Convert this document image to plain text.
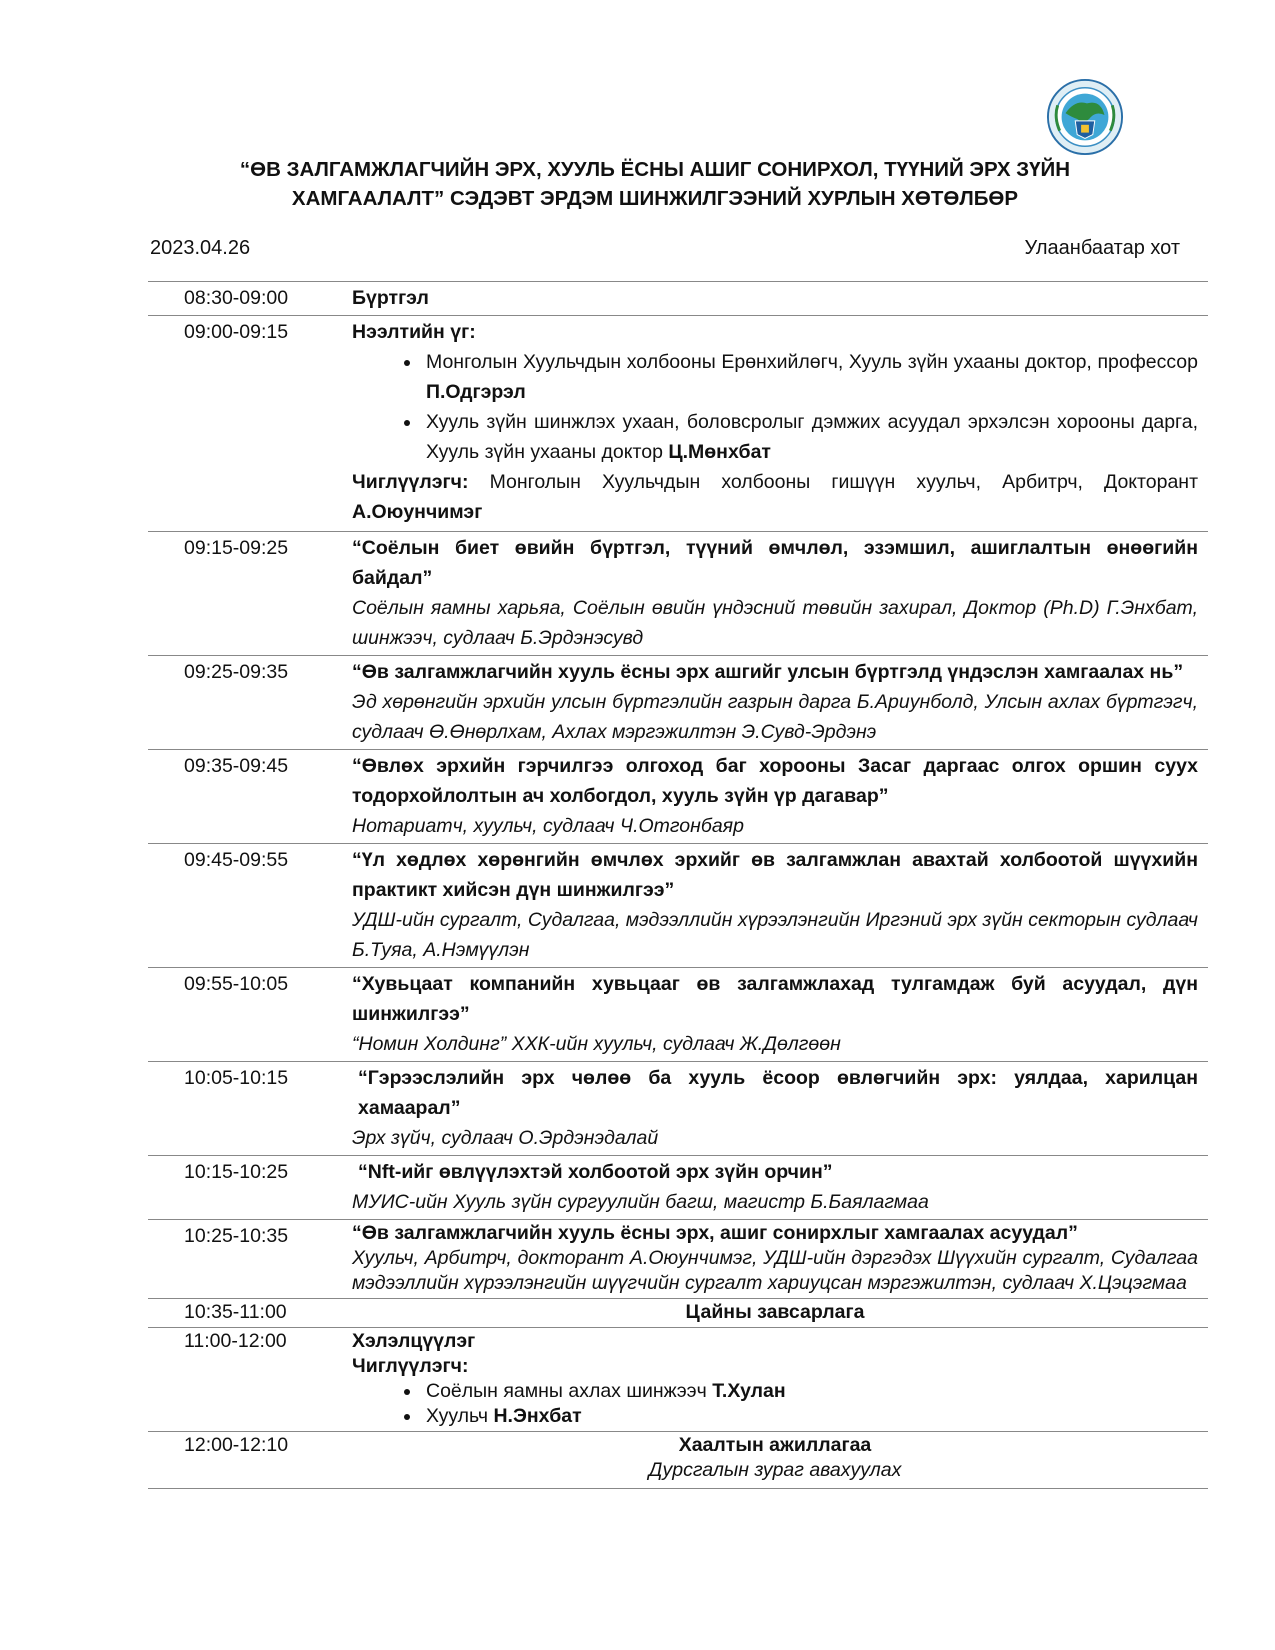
“ӨВ ЗАЛГАМЖЛАГЧИЙН ЭРХ, ХУУЛЬ ЁСНЫ АШИГ СОНИРХОЛ, ТҮҮНИЙ ЭРХ ЗҮЙН
ХАМГААЛАЛТ” СЭДЭВТ ЭРДЭМ ШИНЖИЛГЭЭНИЙ ХУРЛЫН ХӨТӨЛБӨР
2023.04.26	Улаанбаатар хот
08:30-09:00	Бүртгэл
09:00-09:15	Нээлтийн үг:
• Монголын Хуульчдын холбооны Ерөнхийлөгч, Хууль зүйн ухааны доктор, профессор П.Одгэрэл
• Хууль зүйн шинжлэх ухаан, боловсролыг дэмжих асуудал эрхэлсэн хорооны дарга, Хууль зүйн ухааны доктор Ц.Мөнхбат
Чиглүүлэгч: Монголын Хуульчдын холбооны гишүүн хуульч, Арбитрч, Докторант А.Оюунчимэг
09:15-09:25	“Соёлын биет өвийн бүртгэл, түүний өмчлөл, эзэмшил, ашиглалтын өнөөгийн байдал”
Соёлын яамны харьяа, Соёлын өвийн үндэсний төвийн захирал, Доктор (Ph.D) Г.Энхбат, шинжээч, судлаач Б.Эрдэнэсувд
09:25-09:35	“Өв залгамжлагчийн хууль ёсны эрх ашгийг улсын бүртгэлд үндэслэн хамгаалах нь”
Эд хөрөнгийн эрхийн улсын бүртгэлийн газрын дарга Б.Ариунболд, Улсын ахлах бүртгэгч, судлаач Ө.Өнөрлхам, Ахлах мэргэжилтэн Э.Сувд-Эрдэнэ
09:35-09:45	“Өвлөх эрхийн гэрчилгээ олгоход баг хорооны Засаг даргаас олгох оршин суух тодорхойлолтын ач холбогдол, хууль зүйн үр дагавар”
Нотариатч, хуульч, судлаач Ч.Отгонбаяр
09:45-09:55	“Үл хөдлөх хөрөнгийн өмчлөх эрхийг өв залгамжлан авахтай холбоотой шүүхийн практикт хийсэн дүн шинжилгээ”
УДШ-ийн сургалт, Судалгаа, мэдээллийн хүрээлэнгийн Иргэний эрх зүйн секторын судлаач Б.Туяа, А.Нэмүүлэн
09:55-10:05	“Хувьцаат компанийн хувьцааг өв залгамжлахад тулгамдаж буй асуудал, дүн шинжилгээ”
“Номин Холдинг” ХХК-ийн хуульч, судлаач Ж.Дөлгөөн
10:05-10:15	“Гэрээслэлийн эрх чөлөө ба хууль ёсоор өвлөгчийн эрх: уялдаа, харилцан хамаарал”
Эрх зүйч, судлаач О.Эрдэнэдалай
10:15-10:25	“Nft-ийг өвлүүлэхтэй холбоотой эрх зүйн орчин”
МУИС-ийн Хууль зүйн сургуулийн багш, магистр Б.Баялагмаа
10:25-10:35	“Өв залгамжлагчийн хууль ёсны эрх, ашиг сонирхлыг хамгаалах асуудал”
Хуульч, Арбитрч, докторант А.Оюунчимэг, УДШ-ийн дэргэдэх Шүүхийн сургалт, Судалгаа мэдээллийн хүрээлэнгийн шүүгчийн сургалт хариуцсан мэргэжилтэн, судлаач Х.Цэцэгмаа
10:35-11:00	Цайны завсарлага
11:00-12:00	Хэлэлцүүлэг
Чиглүүлэгч:
• Соёлын яамны ахлах шинжээч Т.Хулан
• Хуульч Н.Энхбат
12:00-12:10	Хаалтын ажиллагаа
Дурсгалын зураг авахуулах
